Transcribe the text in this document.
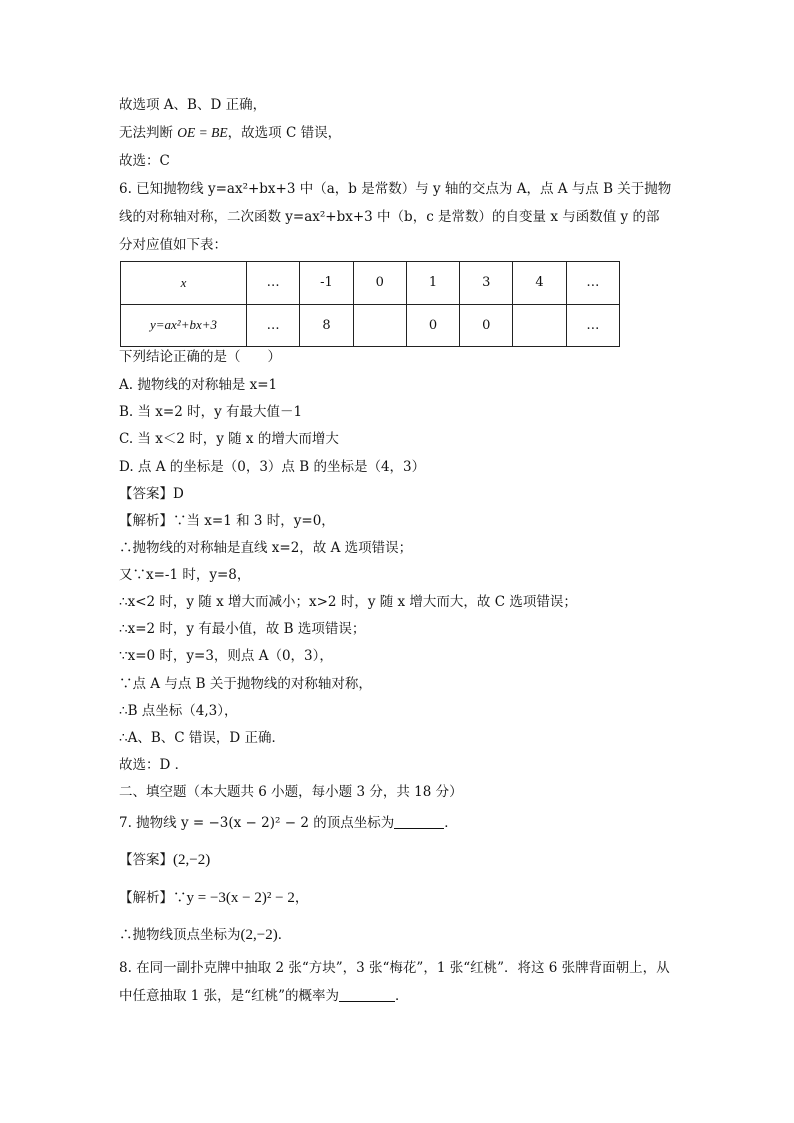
故选项 A、B、D 正确，
无法判断 OE = BE，故选项 C 错误，
故选：C
6. 已知抛物线 y=ax²+bx+3 中（a，b 是常数）与 y 轴的交点为 A，点 A 与点 B 关于抛物
线的对称轴对称，二次函数 y=ax²+bx+3 中（b，c 是常数）的自变量 x 与函数值 y 的部
分对应值如下表：
x	…	-1	0	1	3	4	…
y=ax²+bx+3	…	8		0	0		…
下列结论正确的是（　　）
A. 抛物线的对称轴是 x=1
B. 当 x=2 时，y 有最大值－1
C. 当 x＜2 时，y 随 x 的增大而增大
D. 点 A 的坐标是（0，3）点 B 的坐标是（4，3）
【答案】D
【解析】∵当 x=1 和 3 时，y=0，
∴抛物线的对称轴是直线 x=2，故 A 选项错误；
又∵x=-1 时，y=8，
∴x<2 时，y 随 x 增大而减小；x>2 时，y 随 x 增大而大，故 C 选项错误；
∴x=2 时，y 有最小值，故 B 选项错误；
∵x=0 时，y=3，则点 A（0，3），
∵点 A 与点 B 关于抛物线的对称轴对称，
∴B 点坐标（4,3），
∴A、B、C 错误，D 正确．
故选：D ．
二、填空题（本大题共 6 小题，每小题 3 分，共 18 分）
7. 抛物线 y = −3(x − 2)² − 2 的顶点坐标为	．
【答案】(2,−2)
【解析】∵y = −3(x − 2)² − 2，
∴抛物线顶点坐标为(2,−2)．
8. 在同一副扑克牌中抽取 2 张“方块”，3 张“梅花”，1 张“红桃”．将这 6 张牌背面朝上，从
中任意抽取 1 张，是“红桃”的概率为	．
